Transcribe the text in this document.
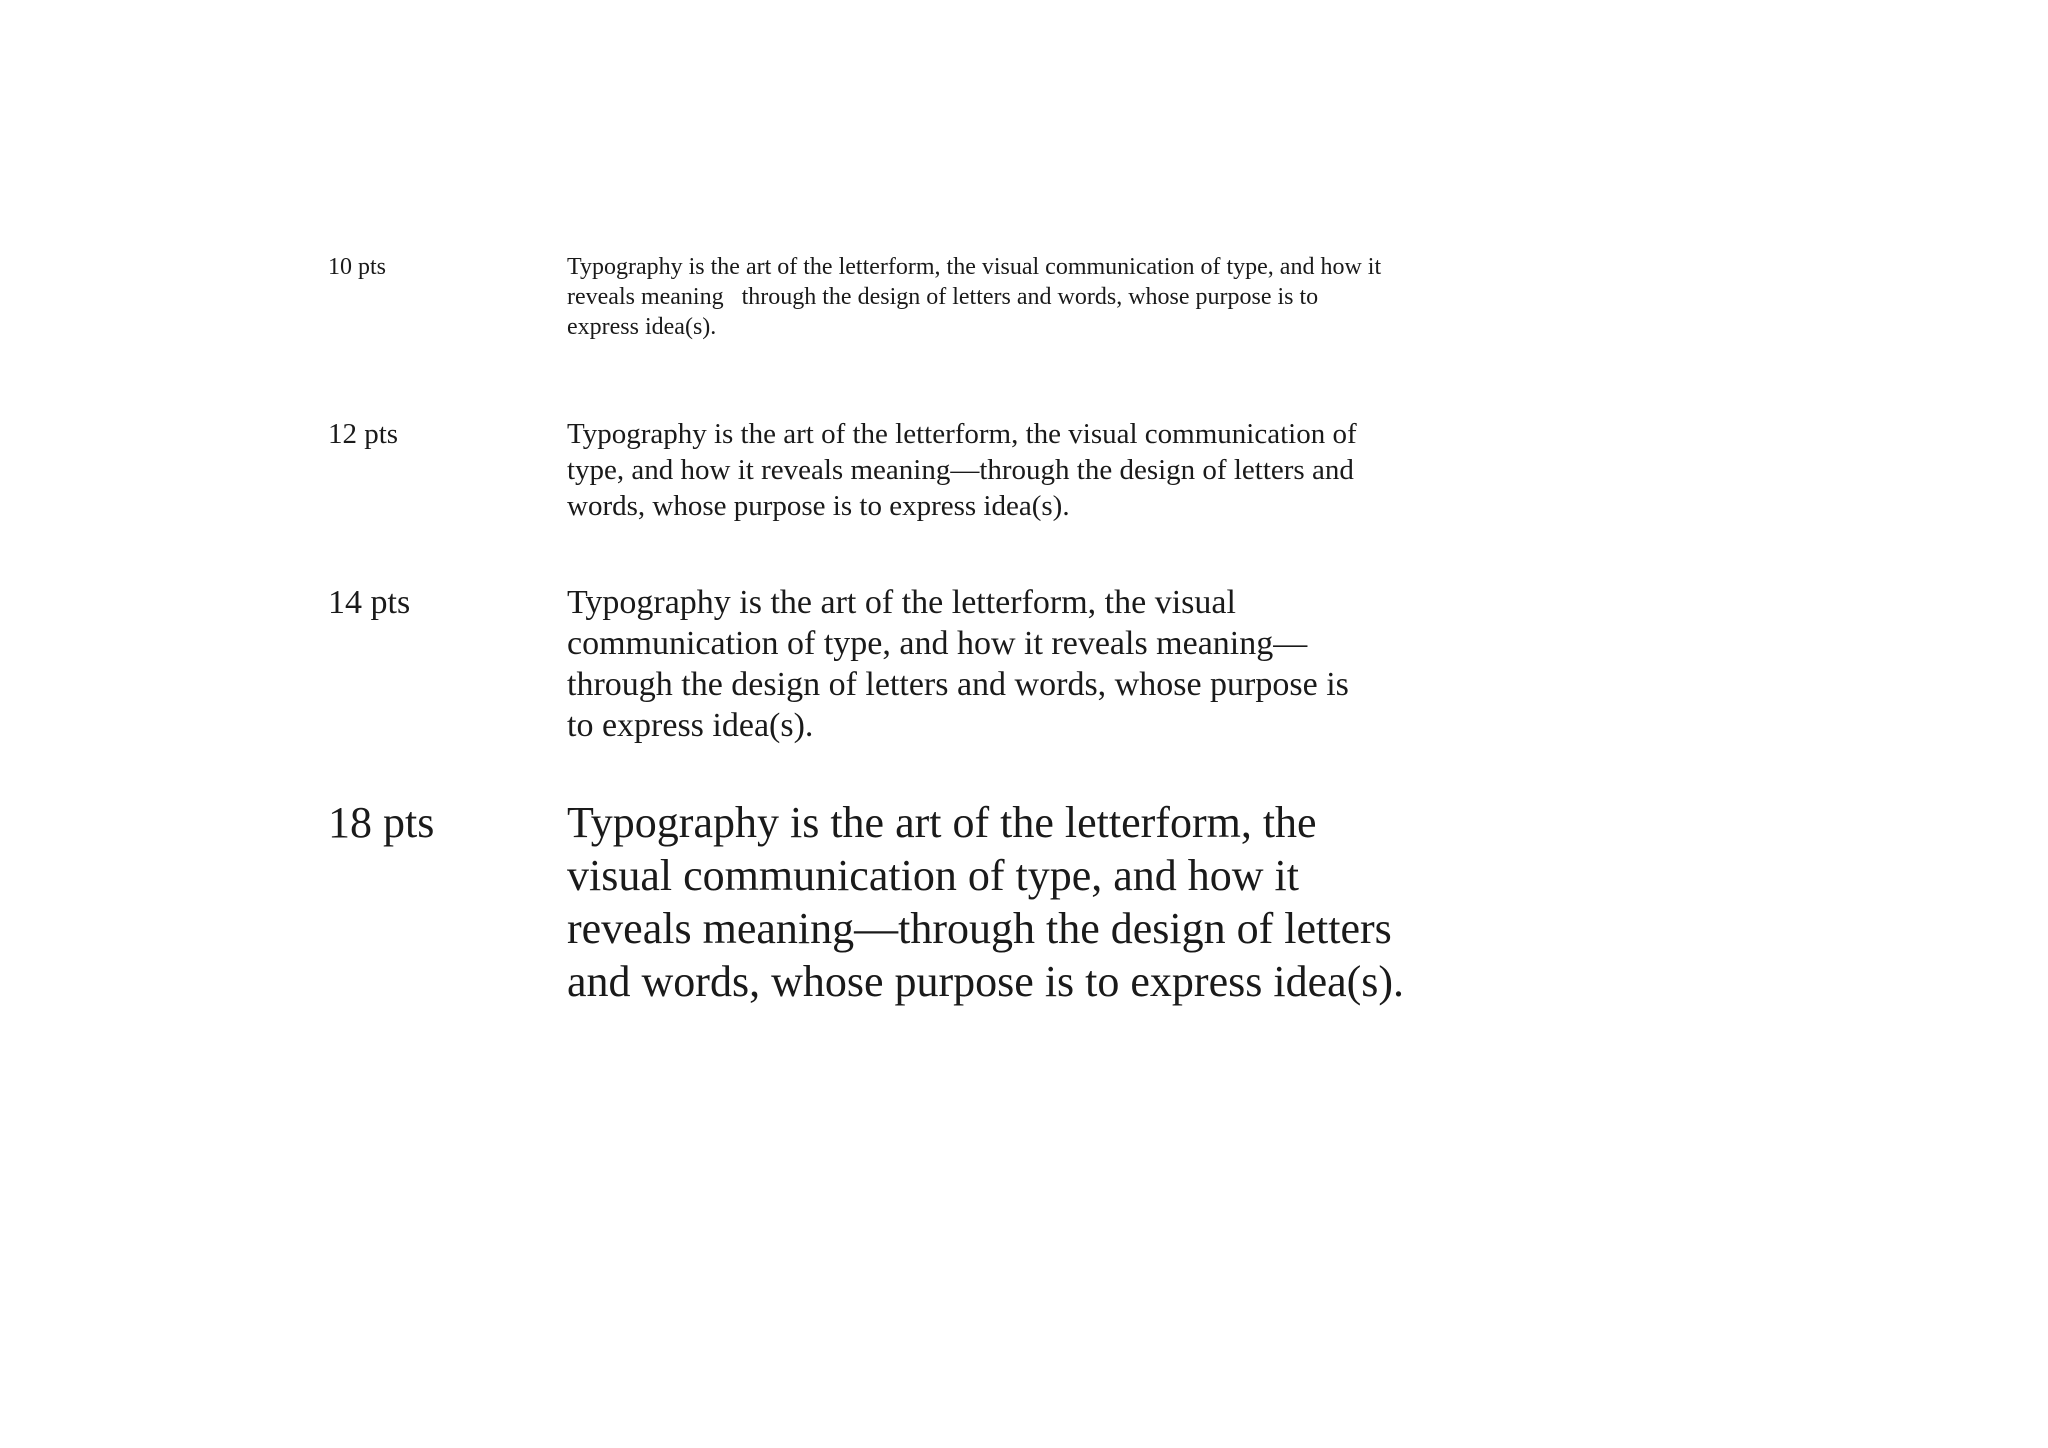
10 pts	Typography is the art of the letterform, the visual communication of type, and how it
reveals meaning   through the design of letters and words, whose purpose is to
express idea(s).
12 pts	Typography is the art of the letterform, the visual communication of
type, and how it reveals meaning—through the design of letters and
words, whose purpose is to express idea(s).
14 pts	Typography is the art of the letterform, the visual
communication of type, and how it reveals meaning—
through the design of letters and words, whose purpose is
to express idea(s).
18 pts	Typography is the art of the letterform, the
visual communication of type, and how it
reveals meaning—through the design of letters
and words, whose purpose is to express idea(s).
